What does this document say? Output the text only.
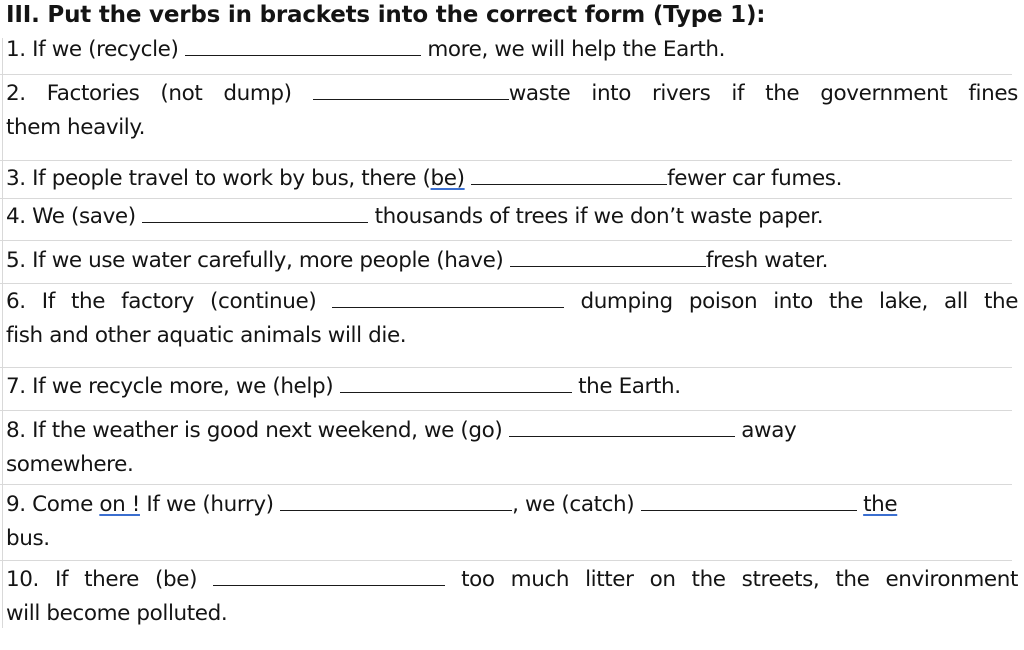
III. Put the verbs in brackets into the correct form (Type 1):
1. If we (recycle)	more, we will help the Earth.
2. Factories (not dump)	waste into rivers if the government fines
them heavily.
3. If people travel to work by bus, there (be)	fewer car fumes.
4. We (save)	thousands of trees if we don’t waste paper.
5. If we use water carefully, more people (have)	fresh water.
6. If the factory (continue)	dumping poison into the lake, all the
fish and other aquatic animals will die.
7. If we recycle more, we (help)	the Earth.
8. If the weather is good next weekend, we (go)	away
somewhere.
9. Come on ! If we (hurry)	, we (catch)	the
bus.
10. If there (be)	too much litter on the streets, the environment
will become polluted.
